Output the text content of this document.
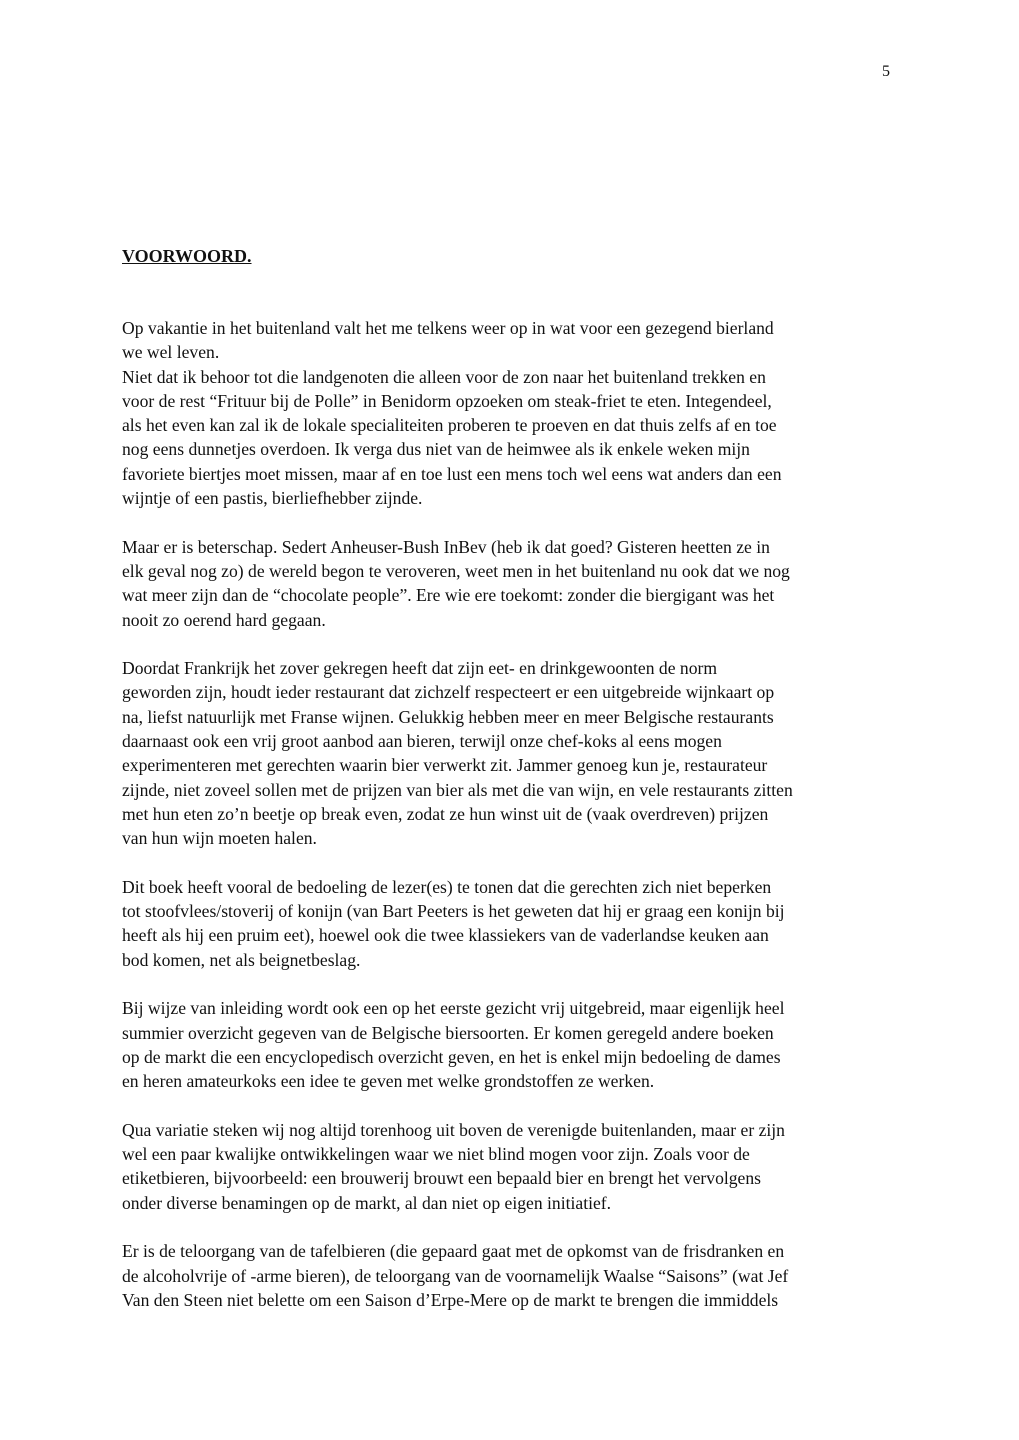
5
VOORWOORD.

Op vakantie in het buitenland valt het me telkens weer op in wat voor een gezegend bierland
we wel leven.
Niet dat ik behoor tot die landgenoten die alleen voor de zon naar het buitenland trekken en
voor de rest “Frituur bij de Polle” in Benidorm opzoeken om steak-friet te eten. Integendeel,
als het even kan zal ik de lokale specialiteiten proberen te proeven en dat thuis zelfs af en toe
nog eens dunnetjes overdoen. Ik verga dus niet van de heimwee als ik enkele weken mijn
favoriete biertjes moet missen, maar af en toe lust een mens toch wel eens wat anders dan een
wijntje of een pastis, bierliefhebber zijnde.

Maar er is beterschap. Sedert Anheuser-Bush InBev (heb ik dat goed? Gisteren heetten ze in
elk geval nog zo) de wereld begon te veroveren, weet men in het buitenland nu ook dat we nog
wat meer zijn dan de “chocolate people”. Ere wie ere toekomt: zonder die biergigant was het
nooit zo oerend hard gegaan.

Doordat Frankrijk het zover gekregen heeft dat zijn eet- en drinkgewoonten de norm
geworden zijn, houdt ieder restaurant dat zichzelf respecteert er een uitgebreide wijnkaart op
na, liefst natuurlijk met Franse wijnen. Gelukkig hebben meer en meer Belgische restaurants
daarnaast ook een vrij groot aanbod aan bieren, terwijl onze chef-koks al eens mogen
experimenteren met gerechten waarin bier verwerkt zit. Jammer genoeg kun je, restaurateur
zijnde, niet zoveel sollen met de prijzen van bier als met die van wijn, en vele restaurants zitten
met hun eten zo’n beetje op break even, zodat ze hun winst uit de (vaak overdreven) prijzen
van hun wijn moeten halen.

Dit boek heeft vooral de bedoeling de lezer(es) te tonen dat die gerechten zich niet beperken
tot stoofvlees/stoverij of konijn (van Bart Peeters is het geweten dat hij er graag een konijn bij
heeft als hij een pruim eet), hoewel ook die twee klassiekers van de vaderlandse keuken aan
bod komen, net als beignetbeslag.

Bij wijze van inleiding wordt ook een op het eerste gezicht vrij uitgebreid, maar eigenlijk heel
summier overzicht gegeven van de Belgische biersoorten. Er komen geregeld andere boeken
op de markt die een encyclopedisch overzicht geven, en het is enkel mijn bedoeling de dames
en heren amateurkoks een idee te geven met welke grondstoffen ze werken.

Qua variatie steken wij nog altijd torenhoog uit boven de verenigde buitenlanden, maar er zijn
wel een paar kwalijke ontwikkelingen waar we niet blind mogen voor zijn. Zoals voor de
etiketbieren, bijvoorbeeld: een brouwerij brouwt een bepaald bier en brengt het vervolgens
onder diverse benamingen op de markt, al dan niet op eigen initiatief.

Er is de teloorgang van de tafelbieren (die gepaard gaat met de opkomst van de frisdranken en
de alcoholvrije of -arme bieren), de teloorgang van de voornamelijk Waalse “Saisons” (wat Jef
Van den Steen niet belette om een Saison d’Erpe-Mere op de markt te brengen die immiddels
